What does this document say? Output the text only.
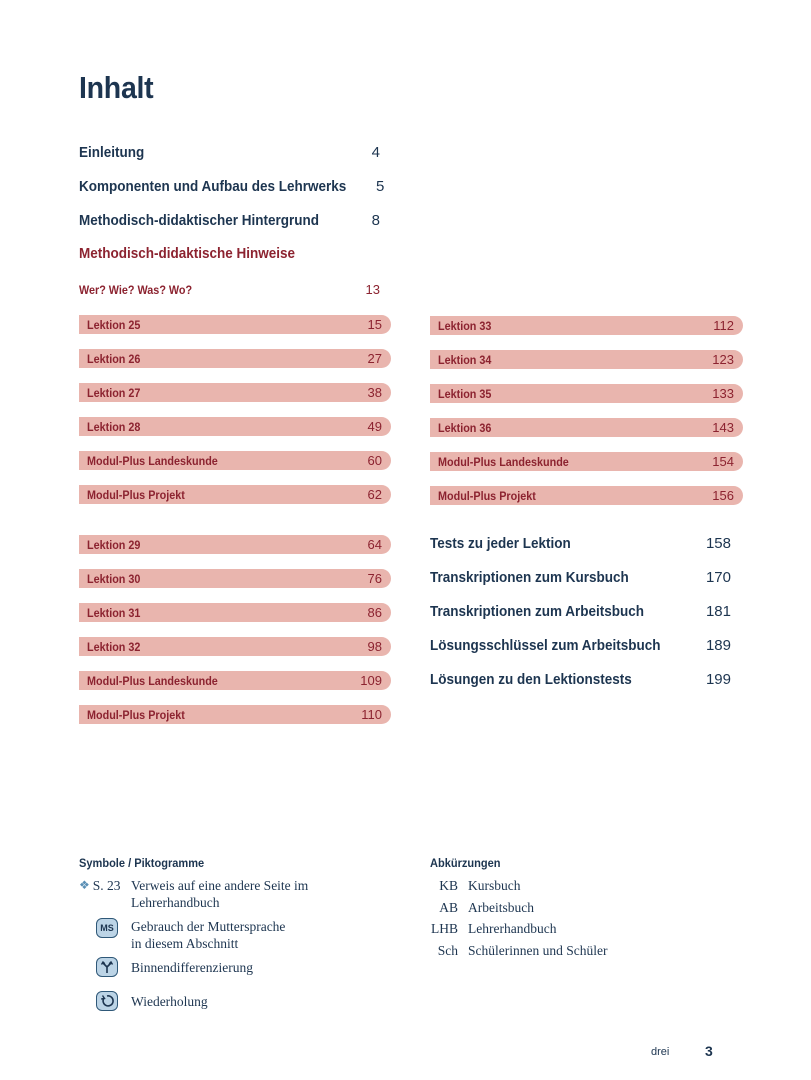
Inhalt
Einleitung	4
Komponenten und Aufbau des Lehrwerks 5
Methodisch-didaktischer Hintergrund	8
Methodisch-didaktische Hinweise
Wer? Wie? Was? Wo?	13
Lektion 25	15
Lektion 26	27
Lektion 27	38
Lektion 28	49
Modul-Plus Landeskunde	60
Modul-Plus Projekt	62
Lektion 29	64
Lektion 30	76
Lektion 31	86
Lektion 32	98
Modul-Plus Landeskunde	109
Modul-Plus Projekt	110
Lektion 33	112
Lektion 34	123
Lektion 35	133
Lektion 36	143
Modul-Plus Landeskunde	154
Modul-Plus Projekt	156
Tests zu jeder Lektion	158
Transkriptionen zum Kursbuch	170
Transkriptionen zum Arbeitsbuch	181
Lösungsschlüssel zum Arbeitsbuch	189
Lösungen zu den Lektionstests	199
Symbole / Piktogramme
❖ S. 23 Verweis auf eine andere Seite im
Lehrerhandbuch
MS	Gebrauch der Muttersprache
in diesem Abschnitt
Binnendifferenzierung
Wiederholung
Abkürzungen
KB Kursbuch
AB Arbeitsbuch
LHB Lehrerhandbuch
Sch Schülerinnen und Schüler
drei	3
